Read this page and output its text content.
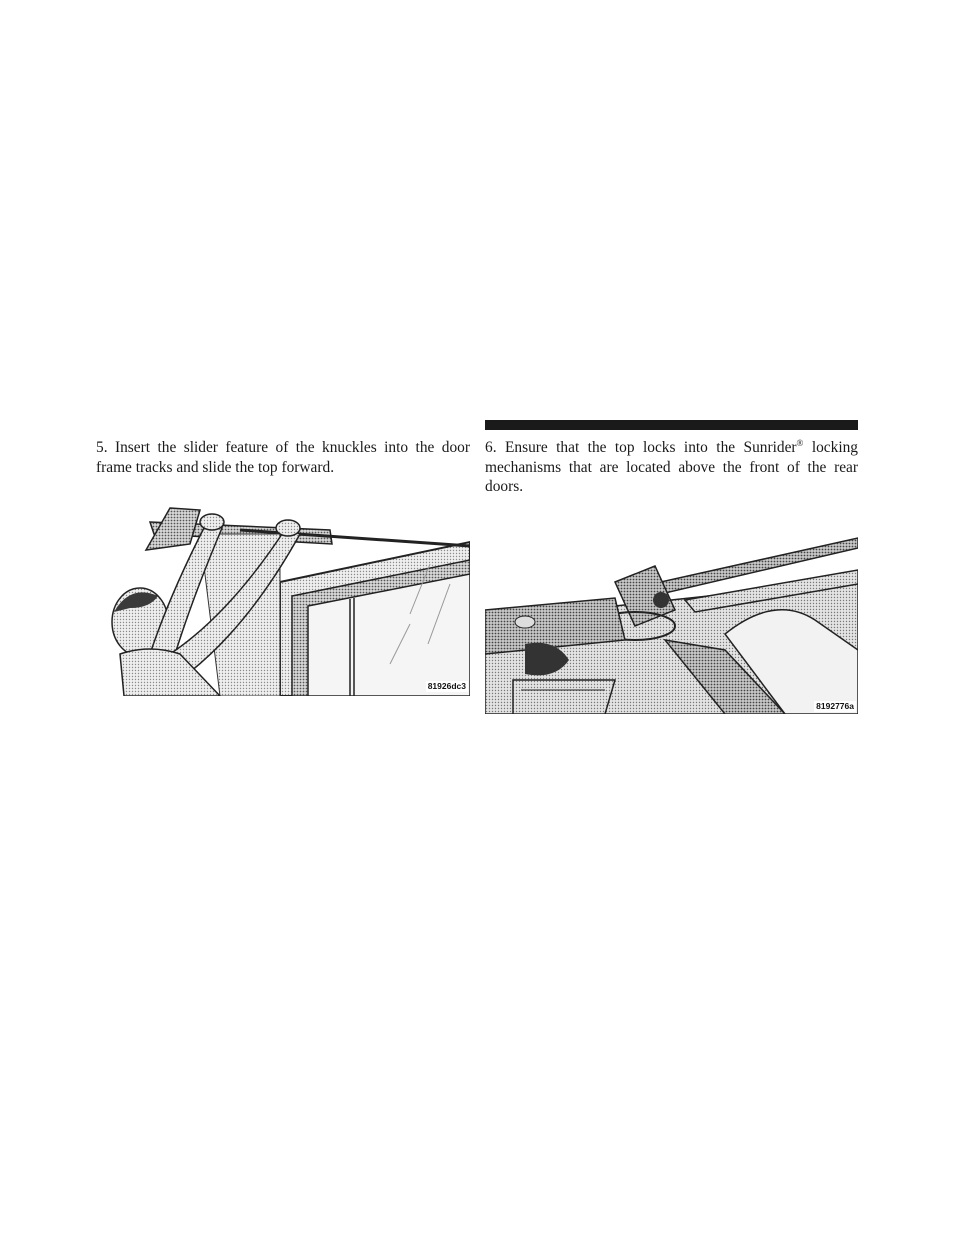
5. Insert the slider feature of the knuckles into the door frame tracks and slide the top forward.

6. Ensure that the top locks into the Sunrider® locking mechanisms that are located above the front of the rear doors.

81926dc3
8192776a
